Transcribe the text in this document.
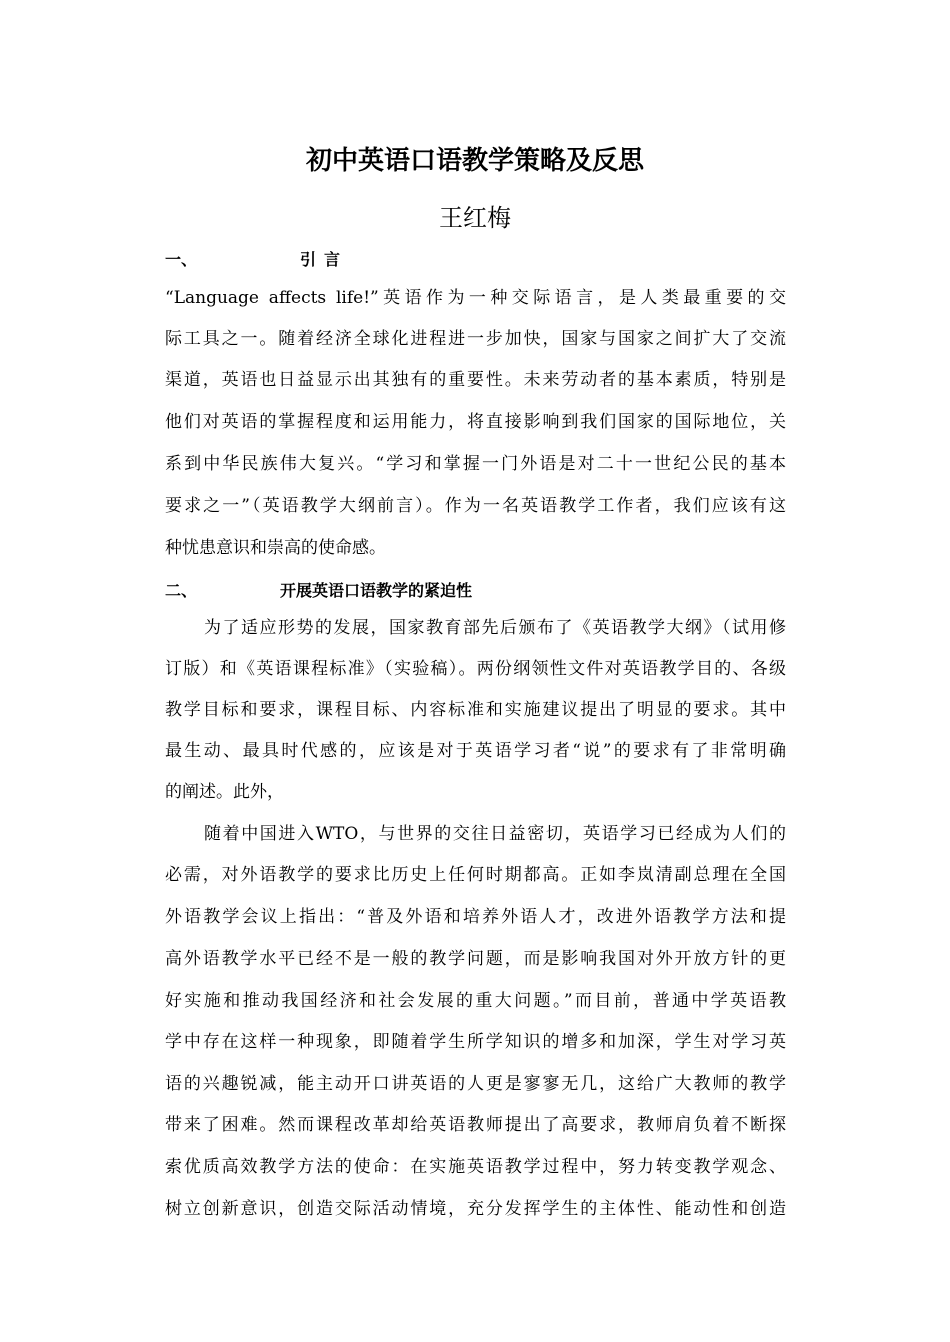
初中英语口语教学策略及反思
王红梅
一、	引言
“Language affects life!”英语作为一种交际语言，是人类最重要的交
际工具之一。随着经济全球化进程进一步加快，国家与国家之间扩大了交流
渠道，英语也日益显示出其独有的重要性。未来劳动者的基本素质，特别是
他们对英语的掌握程度和运用能力，将直接影响到我们国家的国际地位，关
系到中华民族伟大复兴。“学习和掌握一门外语是对二十一世纪公民的基本
要求之一”（英语教学大纲前言）。作为一名英语教学工作者，我们应该有这
种忧患意识和崇高的使命感。
二、	开展英语口语教学的紧迫性
为了适应形势的发展，国家教育部先后颁布了《英语教学大纲》（试用修
订版）和《英语课程标准》（实验稿）。两份纲领性文件对英语教学目的、各级
教学目标和要求，课程目标、内容标准和实施建议提出了明显的要求。其中
最生动、最具时代感的，应该是对于英语学习者“说”的要求有了非常明确
的阐述。此外，
随着中国进入WTO，与世界的交往日益密切，英语学习已经成为人们的
必需，对外语教学的要求比历史上任何时期都高。正如李岚清副总理在全国
外语教学会议上指出：“普及外语和培养外语人才，改进外语教学方法和提
高外语教学水平已经不是一般的教学问题，而是影响我国对外开放方针的更
好实施和推动我国经济和社会发展的重大问题。”而目前，普通中学英语教
学中存在这样一种现象，即随着学生所学知识的增多和加深，学生对学习英
语的兴趣锐减，能主动开口讲英语的人更是寥寥无几，这给广大教师的教学
带来了困难。然而课程改革却给英语教师提出了高要求，教师肩负着不断探
索优质高效教学方法的使命：在实施英语教学过程中，努力转变教学观念、
树立创新意识，创造交际活动情境，充分发挥学生的主体性、能动性和创造
